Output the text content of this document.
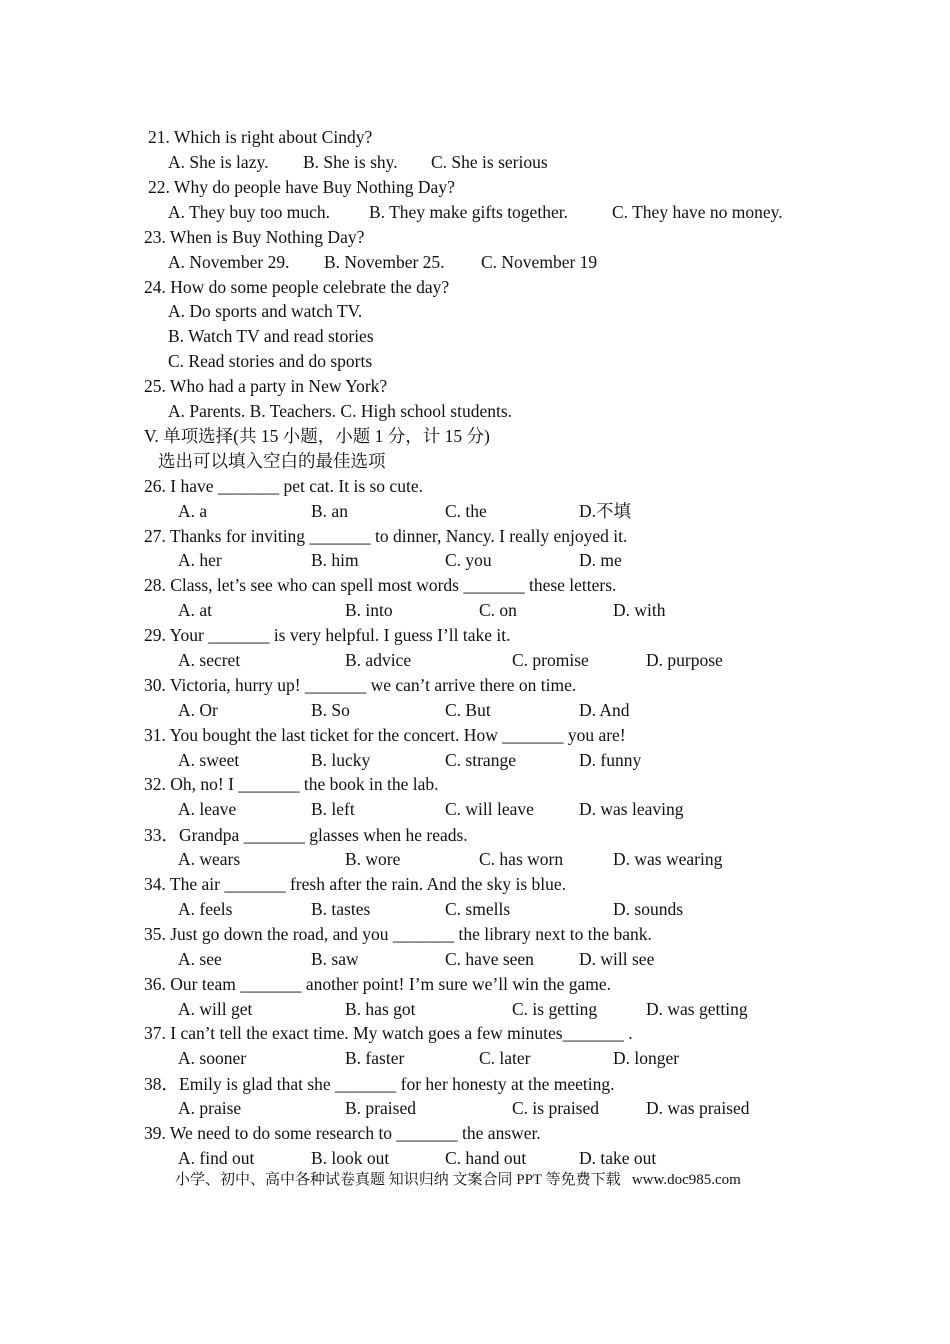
21. Which is right about Cindy?
A. She is lazy. B. She is shy. C. She is serious
22. Why do people have Buy Nothing Day?
A. They buy too much. B. They make gifts together.	C. They have no money.
23. When is Buy Nothing Day?
A. November 29. B. November 25. C. November 19
24. How do some people celebrate the day?
A. Do sports and watch TV.
B. Watch TV and read stories
C. Read stories and do sports
25. Who had a party in New York?
A. Parents. B. Teachers. C. High school students.
V. 单项选择(共 15 小题，小题 1 分，计 15 分)
选出可以填入空白的最佳选项
26. I have _______ pet cat. It is so cute.
A. a	B. an	C. the	D.不填
27. Thanks for inviting _______ to dinner, Nancy. I really enjoyed it.
A. her	B. him	C. you	D. me
28. Class, let’s see who can spell most words _______ these letters.
A. at	B. into	C. on	D. with
29. Your _______ is very helpful. I guess I’ll take it.
A. secret	B. advice	C. promise	D. purpose
30. Victoria, hurry up! _______ we can’t arrive there on time.
A. Or	B. So	C. But	D. And
31. You bought the last ticket for the concert. How _______ you are!
A. sweet	B. lucky	C. strange	D. funny
32. Oh, no! I _______ the book in the lab.
A. leave	B. left	C. will leave	D. was leaving
33．Grandpa _______ glasses when he reads.
A. wears	B. wore	C. has worn	D. was wearing
34. The air _______ fresh after the rain. And the sky is blue.
A. feels	B. tastes	C. smells	D. sounds
35. Just go down the road, and you _______ the library next to the bank.
A. see	B. saw	C. have seen	D. will see
36. Our team _______ another point! I’m sure we’ll win the game.
A. will get	B. has got	C. is getting	D. was getting
37. I can’t tell the exact time. My watch goes a few minutes_______ .
A. sooner	B. faster	C. later	D. longer
38．Emily is glad that she _______ for her honesty at the meeting.
A. praise	B. praised	C. is praised	D. was praised
39. We need to do some research to _______ the answer.
A. find out	B. look out	C. hand out	D. take out
小学、初中、高中各种试卷真题 知识归纳 文案合同 PPT 等免费下载   www.doc985.com
